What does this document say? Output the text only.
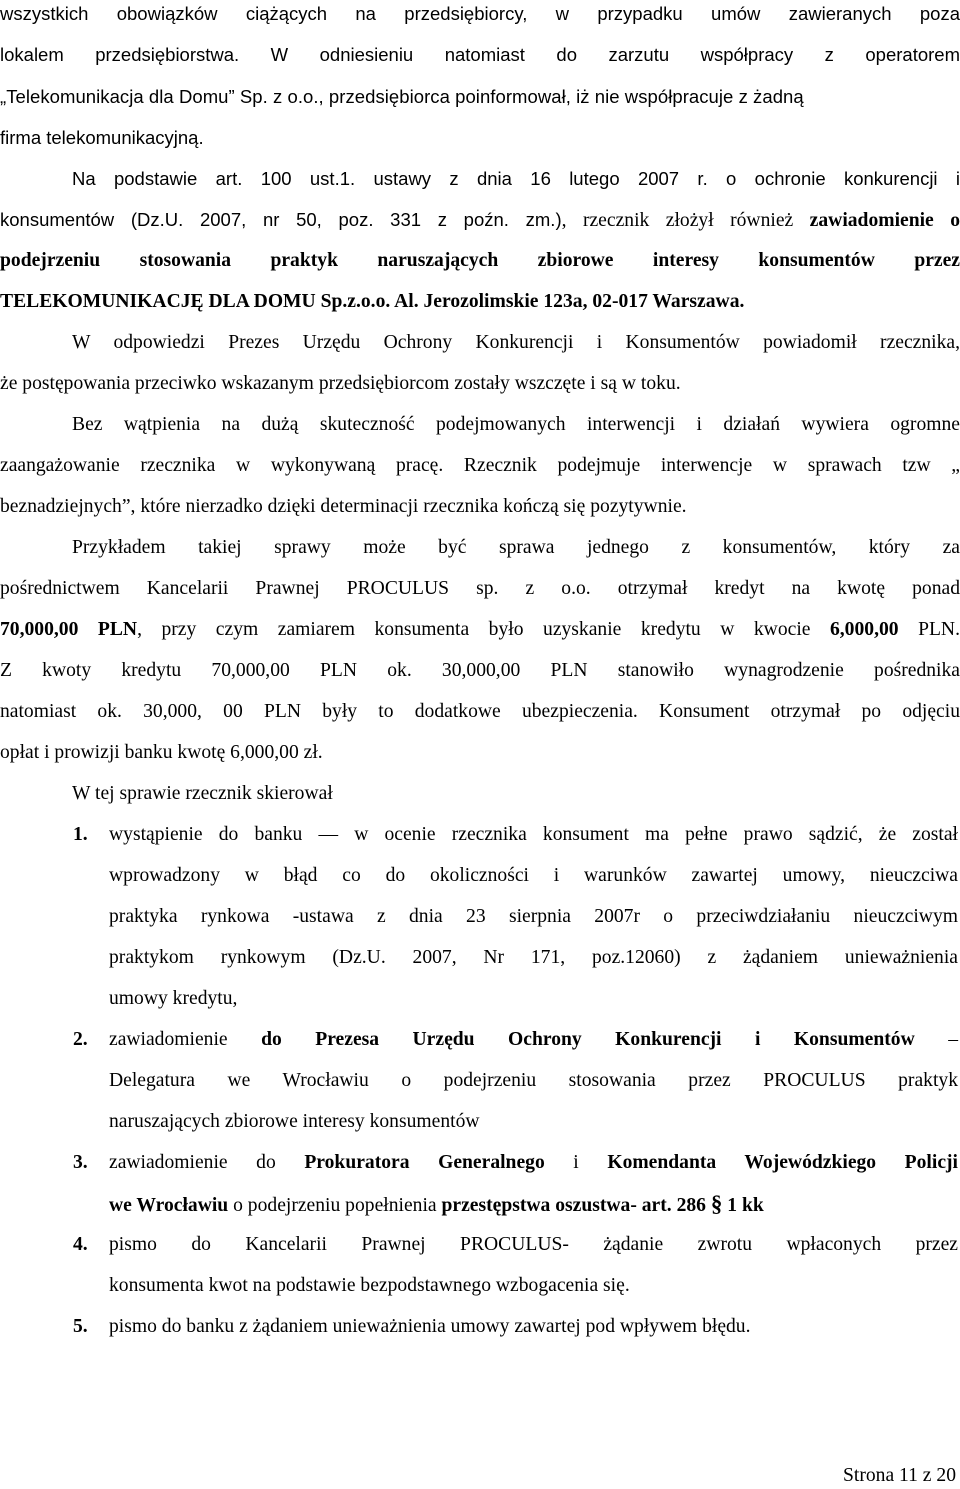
wszystkich obowiązków ciążących na przedsiębiorcy, w przypadku umów zawieranych poza

lokalem przedsiębiorstwa. W odniesieniu natomiast do zarzutu współpracy z operatorem

„Telekomunikacja dla Domu” Sp. z o.o., przedsiębiorca poinformował, iż nie współpracuje z żadną

firma telekomunikacyjną.

Na podstawie art. 100 ust.1. ustawy z dnia 16 lutego 2007 r. o ochronie konkurencji i

konsumentów (Dz.U. 2007, nr 50, poz. 331 z poźn. zm.), rzecznik złożył również zawiadomienie o

podejrzeniu stosowania praktyk naruszających zbiorowe interesy konsumentów przez

TELEKOMUNIKACJĘ DLA DOMU Sp.z.o.o. Al. Jerozolimskie 123a, 02-017 Warszawa.

W odpowiedzi Prezes Urzędu Ochrony Konkurencji i Konsumentów powiadomił rzecznika,

że postępowania przeciwko wskazanym przedsiębiorcom zostały wszczęte i są w toku.

Bez wątpienia na dużą skuteczność podejmowanych interwencji i działań wywiera ogromne

zaangażowanie rzecznika w wykonywaną pracę. Rzecznik podejmuje interwencje w sprawach tzw „

beznadziejnych”, które nierzadko dzięki determinacji rzecznika kończą się pozytywnie.

Przykładem takiej sprawy może być sprawa jednego z konsumentów, który za

pośrednictwem Kancelarii Prawnej PROCULUS sp. z o.o. otrzymał kredyt na kwotę ponad

70,000,00 PLN, przy czym zamiarem konsumenta było uzyskanie kredytu w kwocie 6,000,00 PLN.

Z kwoty kredytu 70,000,00 PLN ok. 30,000,00 PLN stanowiło wynagrodzenie pośrednika

natomiast ok. 30,000, 00 PLN były to dodatkowe ubezpieczenia. Konsument otrzymał po odjęciu

opłat i prowizji banku kwotę 6,000,00 zł.

W tej sprawie rzecznik skierował

1.	wystąpienie do banku — w ocenie rzecznika konsument ma pełne prawo sądzić, że został

wprowadzony w błąd co do okoliczności i warunków zawartej umowy, nieuczciwa

praktyka rynkowa -ustawa z dnia 23 sierpnia 2007r o przeciwdziałaniu nieuczciwym

praktykom rynkowym (Dz.U. 2007, Nr 171, poz.12060) z żądaniem unieważnienia

umowy kredytu,

2.	zawiadomienie do Prezesa Urzędu Ochrony Konkurencji i Konsumentów –

Delegatura we Wrocławiu o podejrzeniu stosowania przez PROCULUS praktyk

naruszających zbiorowe interesy konsumentów

3.	zawiadomienie do Prokuratora Generalnego i Komendanta Wojewódzkiego Policji

we Wrocławiu o podejrzeniu popełnienia przestępstwa oszustwa- art. 286 § 1 kk

4.	pismo do Kancelarii Prawnej PROCULUS- żądanie zwrotu wpłaconych przez

konsumenta kwot na podstawie bezpodstawnego wzbogacenia się.

5.	pismo do banku z żądaniem unieważnienia umowy zawartej pod wpływem błędu.

Strona 11 z 20
